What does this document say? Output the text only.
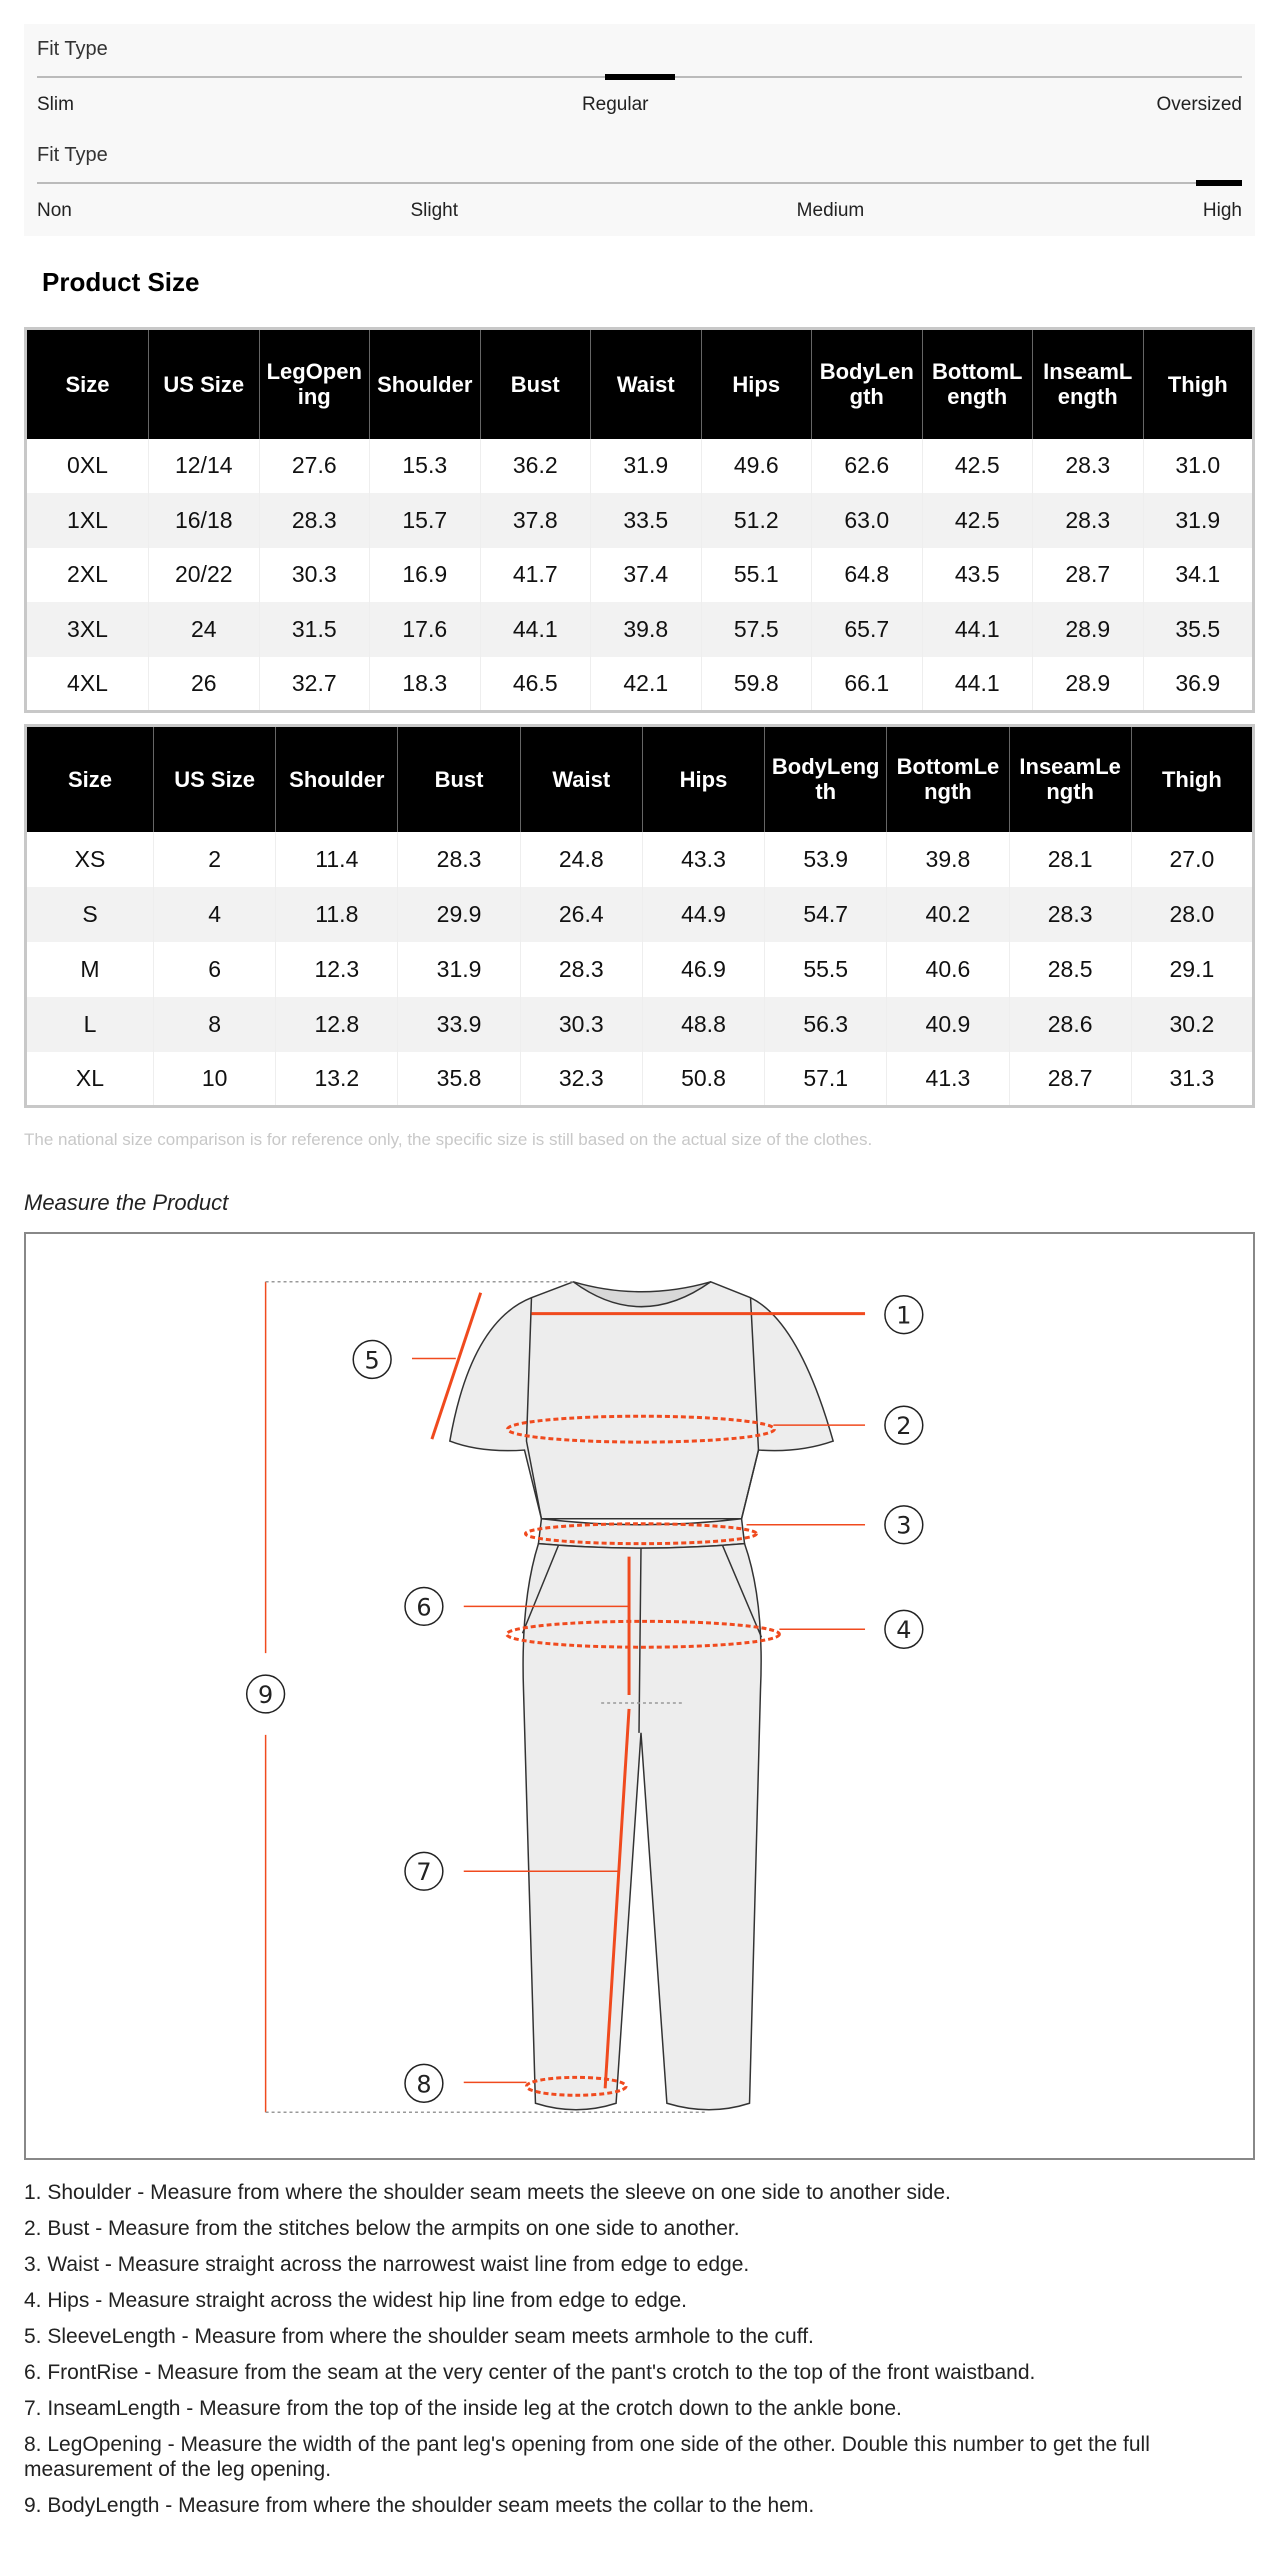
Fit Type
Slim	Regular	Oversized
Fit Type
Non	Slight	Medium	High
Product Size
Size	US Size	LegOpening	Shoulder	Bust	Waist	Hips	BodyLength	BottomLength	InseamLength	Thigh
0XL	12/14	27.6	15.3	36.2	31.9	49.6	62.6	42.5	28.3	31.0
1XL	16/18	28.3	15.7	37.8	33.5	51.2	63.0	42.5	28.3	31.9
2XL	20/22	30.3	16.9	41.7	37.4	55.1	64.8	43.5	28.7	34.1
3XL	24	31.5	17.6	44.1	39.8	57.5	65.7	44.1	28.9	35.5
4XL	26	32.7	18.3	46.5	42.1	59.8	66.1	44.1	28.9	36.9
Size	US Size	Shoulder	Bust	Waist	Hips	BodyLength	BottomLength	InseamLength	Thigh
XS	2	11.4	28.3	24.8	43.3	53.9	39.8	28.1	27.0
S	4	11.8	29.9	26.4	44.9	54.7	40.2	28.3	28.0
M	6	12.3	31.9	28.3	46.9	55.5	40.6	28.5	29.1
L	8	12.8	33.9	30.3	48.8	56.3	40.9	28.6	30.2
XL	10	13.2	35.8	32.3	50.8	57.1	41.3	28.7	31.3
The national size comparison is for reference only, the specific size is still based on the actual size of the clothes.
Measure the Product
1
2
3
4
5
6
7
8
9
1. Shoulder - Measure from where the shoulder seam meets the sleeve on one side to another side.
2. Bust - Measure from the stitches below the armpits on one side to another.
3. Waist - Measure straight across the narrowest waist line from edge to edge.
4. Hips - Measure straight across the widest hip line from edge to edge.
5. SleeveLength - Measure from where the shoulder seam meets armhole to the cuff.
6. FrontRise - Measure from the seam at the very center of the pant's crotch to the top of the front waistband.
7. InseamLength - Measure from the top of the inside leg at the crotch down to the ankle bone.
8. LegOpening - Measure the width of the pant leg's opening from one side of the other. Double this number to get the full measurement of the leg opening.
9. BodyLength - Measure from where the shoulder seam meets the collar to the hem.
